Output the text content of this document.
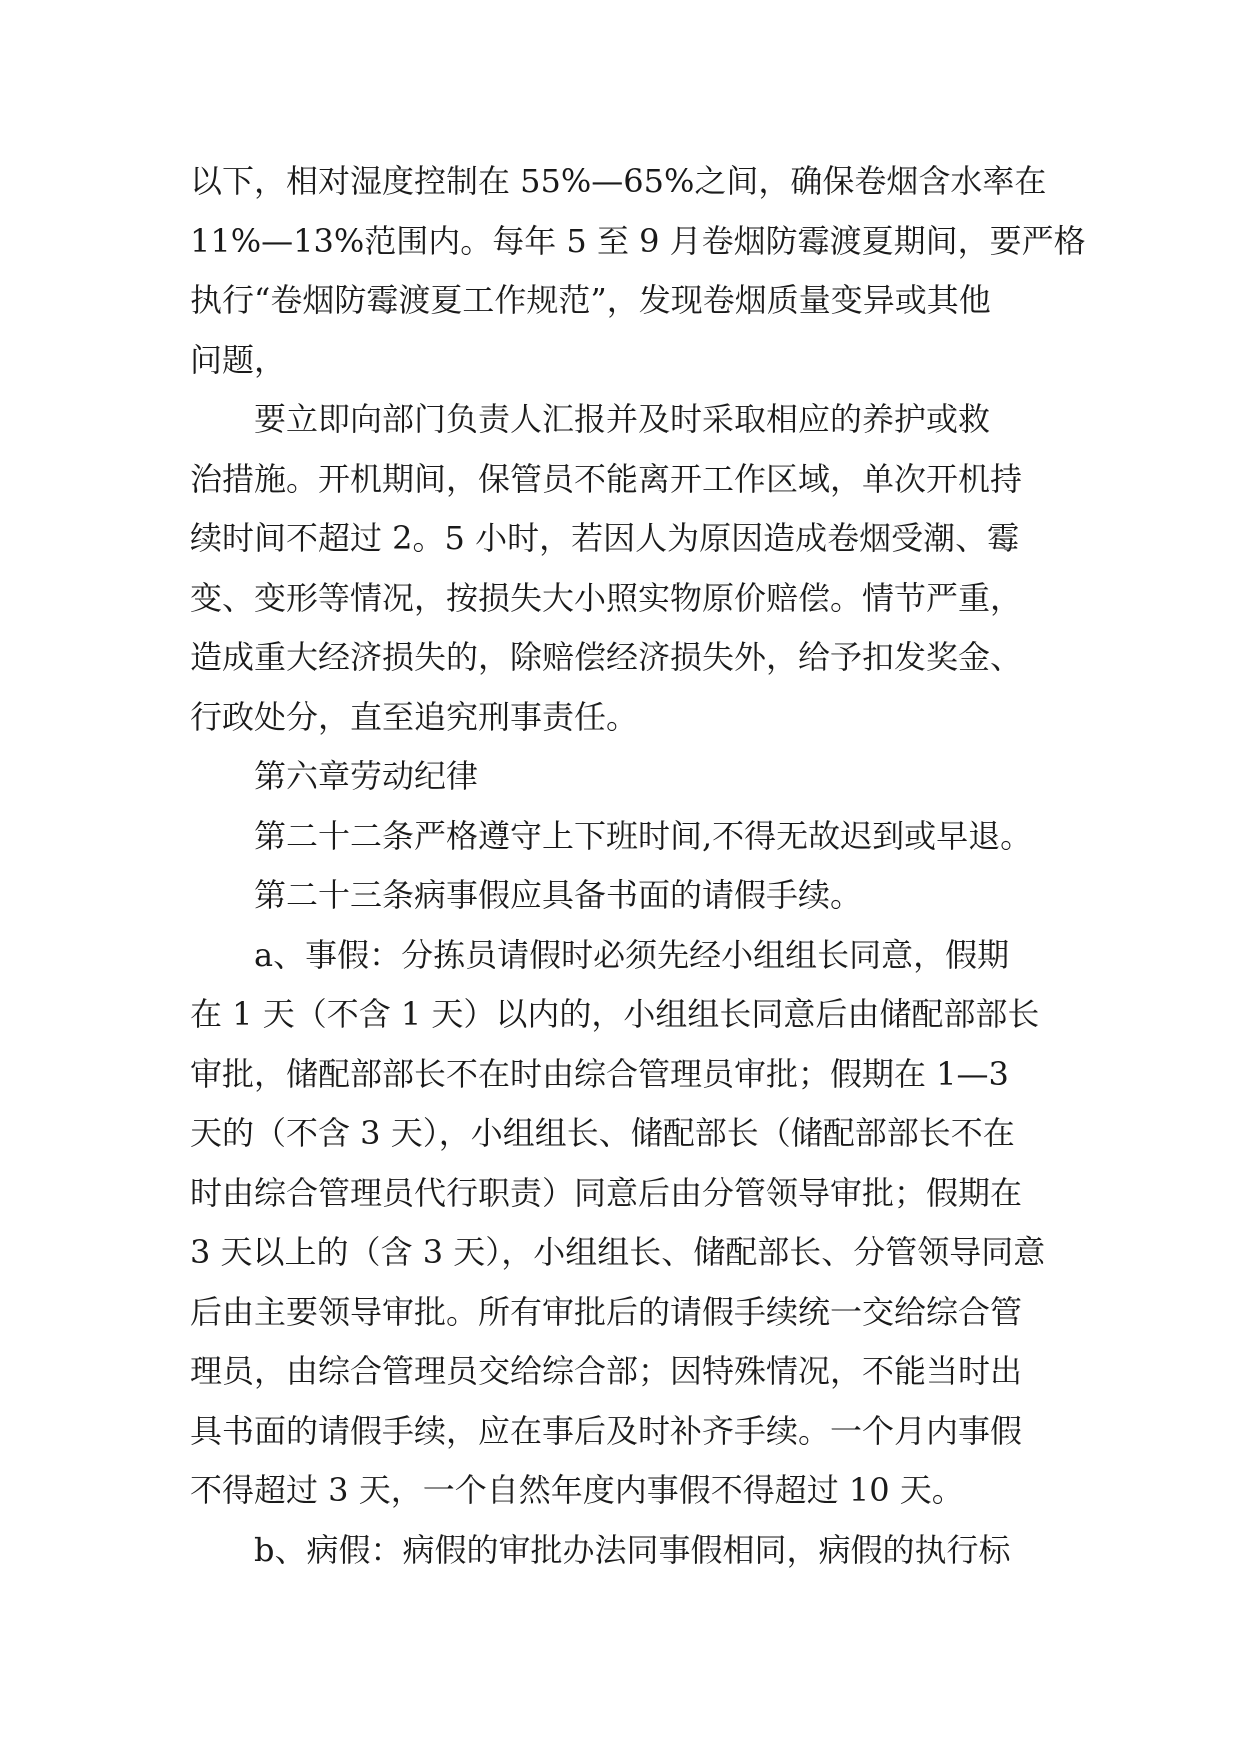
以下，相对湿度控制在 55%—65%之间，确保卷烟含水率在
11%—13%范围内。每年 5 至 9 月卷烟防霉渡夏期间，要严格
执行“卷烟防霉渡夏工作规范”，发现卷烟质量变异或其他
问题，
要立即向部门负责人汇报并及时采取相应的养护或救
治措施。开机期间，保管员不能离开工作区域，单次开机持
续时间不超过 2。5 小时，若因人为原因造成卷烟受潮、霉
变、变形等情况，按损失大小照实物原价赔偿。情节严重，
造成重大经济损失的，除赔偿经济损失外，给予扣发奖金、
行政处分，直至追究刑事责任。
第六章劳动纪律
第二十二条严格遵守上下班时间,不得无故迟到或早退。
第二十三条病事假应具备书面的请假手续。
a、事假：分拣员请假时必须先经小组组长同意，假期
在 1 天（不含 1 天）以内的，小组组长同意后由储配部部长
审批，储配部部长不在时由综合管理员审批；假期在 1—3
天的（不含 3 天），小组组长、储配部长（储配部部长不在
时由综合管理员代行职责）同意后由分管领导审批；假期在
3 天以上的（含 3 天），小组组长、储配部长、分管领导同意
后由主要领导审批。所有审批后的请假手续统一交给综合管
理员，由综合管理员交给综合部；因特殊情况，不能当时出
具书面的请假手续，应在事后及时补齐手续。一个月内事假
不得超过 3 天，一个自然年度内事假不得超过 10 天。
b、病假：病假的审批办法同事假相同，病假的执行标
